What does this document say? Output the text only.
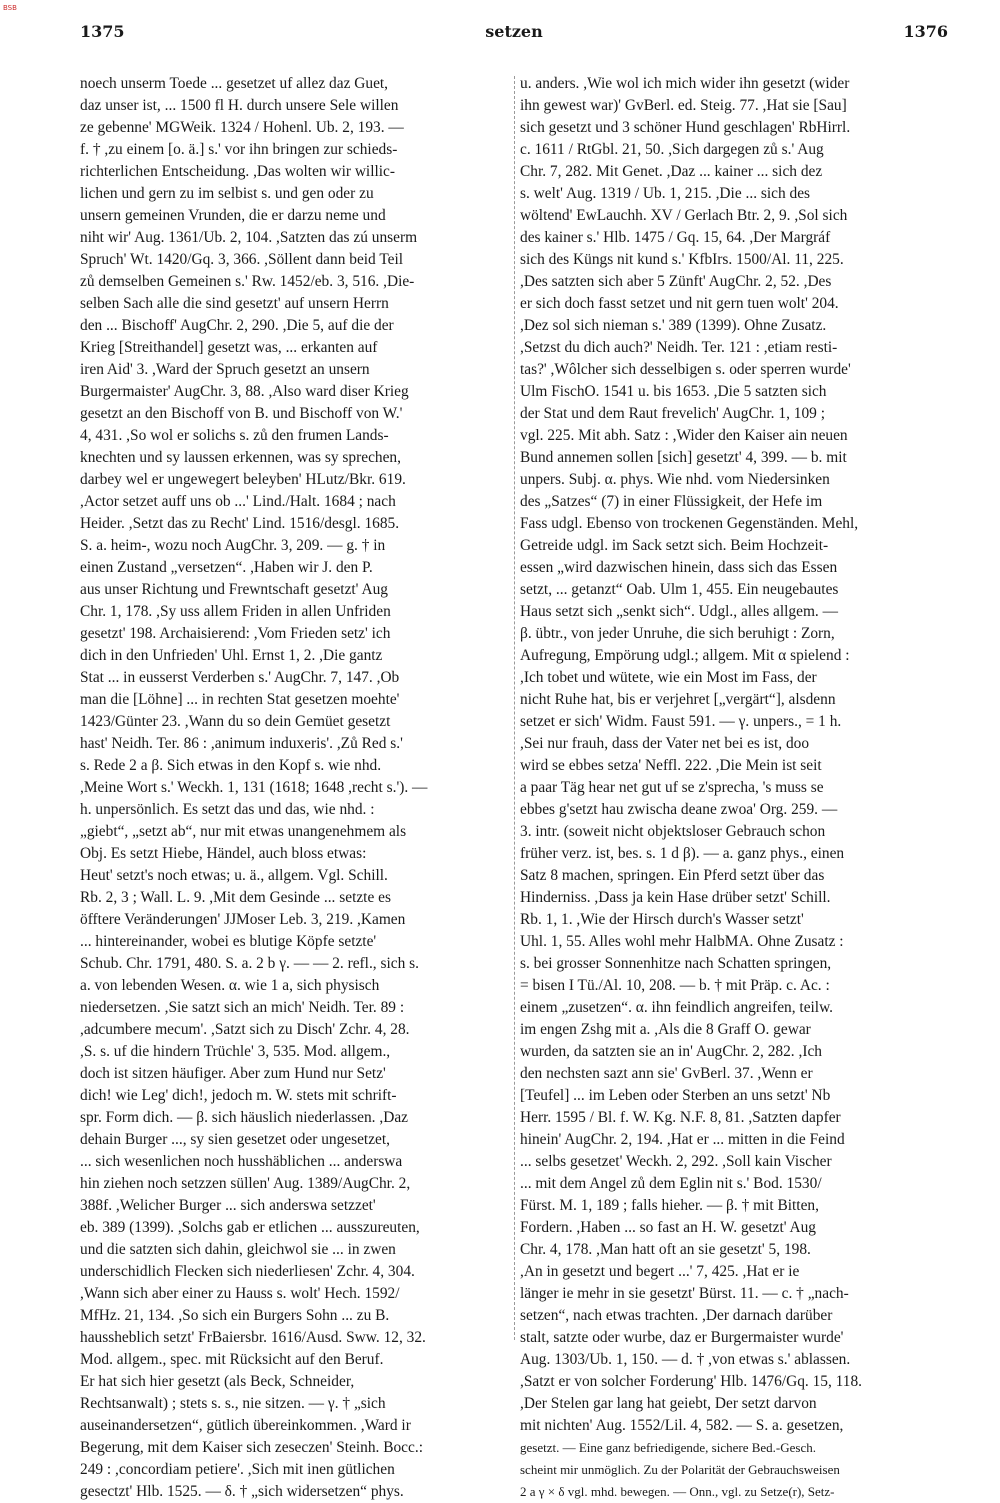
BSB
1375	setzen	1376
noech unserm Toede ... gesetzet uf allez daz Guet,
daz unser ist, ... 1500 fl H. durch unsere Sele willen
ze gebenne' MGWeik. 1324 / Hohenl. Ub. 2, 193. —
f. † ,zu einem [o. ä.] s.' vor ihn bringen zur schieds-
richterlichen Entscheidung. ,Das wolten wir willic-
lichen und gern zu im selbist s. und gen oder zu
unsern gemeinen Vrunden, die er darzu neme und
niht wir' Aug. 1361/Ub. 2, 104. ,Satzten das zú unserm
Spruch' Wt. 1420/Gq. 3, 366. ,Söllent dann beid Teil
zů demselben Gemeinen s.' Rw. 1452/eb. 3, 516. ,Die-
selben Sach alle die sind gesetzt' auf unsern Herrn
den ... Bischoff' AugChr. 2, 290. ,Die 5, auf die der
Krieg [Streithandel] gesetzt was, ... erkanten auf
iren Aid' 3. ,Ward der Spruch gesetzt an unsern
Burgermaister' AugChr. 3, 88. ,Also ward diser Krieg
gesetzt an den Bischoff von B. und Bischoff von W.'
4, 431. ,So wol er solichs s. zů den frumen Lands-
knechten und sy laussen erkennen, was sy sprechen,
darbey wel er ungewegert beleyben' HLutz/Bkr. 619.
,Actor setzet auff uns ob ...' Lind./Halt. 1684 ; nach
Heider. ,Setzt das zu Recht' Lind. 1516/desgl. 1685.
S. a. heim-, wozu noch AugChr. 3, 209. — g. † in
einen Zustand „versetzen“. ,Haben wir J. den P.
aus unser Richtung und Frewntschaft gesetzt' Aug
Chr. 1, 178. ,Sy uss allem Friden in allen Unfriden
gesetzt' 198. Archaisierend: ,Vom Frieden setz' ich
dich in den Unfrieden' Uhl. Ernst 1, 2. ,Die gantz
Stat ... in eusserst Verderben s.' AugChr. 7, 147. ,Ob
man die [Löhne] ... in rechten Stat gesetzen moehte'
1423/Günter 23. ,Wann du so dein Gemüet gesetzt
hast' Neidh. Ter. 86 : ,animum induxeris'. ,Zů Red s.'
s. Rede 2 a β. Sich etwas in den Kopf s. wie nhd.
,Meine Wort s.' Weckh. 1, 131 (1618; 1648 ,recht s.'). —
h. unpersönlich. Es setzt das und das, wie nhd. :
„giebt“, „setzt ab“, nur mit etwas unangenehmem als
Obj. Es setzt Hiebe, Händel, auch bloss etwas:
Heut' setzt's noch etwas; u. ä., allgem. Vgl. Schill.
Rb. 2, 3 ; Wall. L. 9. ,Mit dem Gesinde ... setzte es
öfftere Veränderungen' JJMoser Leb. 3, 219. ,Kamen
... hintereinander, wobei es blutige Köpfe setzte'
Schub. Chr. 1791, 480. S. a. 2 b γ. — — 2. refl., sich s.
a. von lebenden Wesen. α. wie 1 a, sich physisch
niedersetzen. ,Sie satzt sich an mich' Neidh. Ter. 89 :
,adcumbere mecum'. ,Satzt sich zu Disch' Zchr. 4, 28.
,S. s. uf die hindern Trüchle' 3, 535. Mod. allgem.,
doch ist sitzen häufiger. Aber zum Hund nur Setz'
dich! wie Leg' dich!, jedoch m. W. stets mit schrift-
spr. Form dich. — β. sich häuslich niederlassen. ,Daz
dehain Burger ..., sy sien gesetzet oder ungesetzet,
... sich wesenlichen noch husshäblichen ... anderswa
hin ziehen noch setzzen süllen' Aug. 1389/AugChr. 2,
388f. ,Welicher Burger ... sich anderswa setzzet'
eb. 389 (1399). ,Solchs gab er etlichen ... ausszureuten,
und die satzten sich dahin, gleichwol sie ... in zwen
underschidlich Flecken sich niederliesen' Zchr. 4, 304.
,Wann sich aber einer zu Hauss s. wolt' Hech. 1592/
MfHz. 21, 134. ,So sich ein Burgers Sohn ... zu B.
haussheblich setzt' FrBaiersbr. 1616/Ausd. Sww. 12, 32.
Mod. allgem., spec. mit Rücksicht auf den Beruf.
Er hat sich hier gesetzt (als Beck, Schneider,
Rechtsanwalt) ; stets s. s., nie sitzen. — γ. † „sich
auseinandersetzen“, gütlich übereinkommen. ,Ward ir
Begerung, mit dem Kaiser sich zeseczen' Steinh. Bocc.:
249 : ,concordiam petiere'. ,Sich mit inen gütlichen
gesectzt' Hlb. 1525. — δ. † „sich widersetzen“ phys.
u. anders. ,Wie wol ich mich wider ihn gesetzt (wider
ihn gewest war)' GvBerl. ed. Steig. 77. ,Hat sie [Sau]
sich gesetzt und 3 schöner Hund geschlagen' RbHirrl.
c. 1611 / RtGbl. 21, 50. ,Sich dargegen zů s.' Aug
Chr. 7, 282. Mit Genet. ,Daz ... kainer ... sich dez
s. welt' Aug. 1319 / Ub. 1, 215. ,Die ... sich des
wöltend' EwLauchh. XV / Gerlach Btr. 2, 9. ,Sol sich
des kainer s.' Hlb. 1475 / Gq. 15, 64. ,Der Margráf
sich des Küngs nit kund s.' KfbIrs. 1500/Al. 11, 225.
,Des satzten sich aber 5 Zünft' AugChr. 2, 52. ,Des
er sich doch fasst setzet und nit gern tuen wolt' 204.
,Dez sol sich nieman s.' 389 (1399). Ohne Zusatz.
,Setzst du dich auch?' Neidh. Ter. 121 : ,etiam resti-
tas?' ,Wôlcher sich desselbigen s. oder sperren wurde'
Ulm FischO. 1541 u. bis 1653. ,Die 5 satzten sich
der Stat und dem Raut frevelich' AugChr. 1, 109 ;
vgl. 225. Mit abh. Satz : ,Wider den Kaiser ain neuen
Bund annemen sollen [sich] gesetzt' 4, 399. — b. mit
unpers. Subj. α. phys. Wie nhd. vom Niedersinken
des „Satzes“ (7) in einer Flüssigkeit, der Hefe im
Fass udgl. Ebenso von trockenen Gegenständen. Mehl,
Getreide udgl. im Sack setzt sich. Beim Hochzeit-
essen „wird dazwischen hinein, dass sich das Essen
setzt, ... getanzt“ Oab. Ulm 1, 455. Ein neugebautes
Haus setzt sich „senkt sich“. Udgl., alles allgem. —
β. übtr., von jeder Unruhe, die sich beruhigt : Zorn,
Aufregung, Empörung udgl.; allgem. Mit α spielend :
,Ich tobet und wütete, wie ein Most im Fass, der
nicht Ruhe hat, bis er verjehret [„vergärt“], alsdenn
setzet er sich' Widm. Faust 591. — γ. unpers., = 1 h.
,Sei nur frauh, dass der Vater net bei es ist, doo
wird se ebbes setza' Neffl. 222. ,Die Mein ist seit
a paar Täg hear net gut uf se z'sprecha, 's muss se
ebbes g'setzt hau zwischa deane zwoa' Org. 259. —
3. intr. (soweit nicht objektsloser Gebrauch schon
früher verz. ist, bes. s. 1 d β). — a. ganz phys., einen
Satz 8 machen, springen. Ein Pferd setzt über das
Hinderniss. ,Dass ja kein Hase drüber setzt' Schill.
Rb. 1, 1. ,Wie der Hirsch durch's Wasser setzt'
Uhl. 1, 55. Alles wohl mehr HalbMA. Ohne Zusatz :
s. bei grosser Sonnenhitze nach Schatten springen,
= bisen I Tü./Al. 10, 208. — b. † mit Präp. c. Ac. :
einem „zusetzen“. α. ihn feindlich angreifen, teilw.
im engen Zshg mit a. ,Als die 8 Graff O. gewar
wurden, da satzten sie an in' AugChr. 2, 282. ,Ich
den nechsten sazt ann sie' GvBerl. 37. ,Wenn er
[Teufel] ... im Leben oder Sterben an uns setzt' Nb
Herr. 1595 / Bl. f. W. Kg. N.F. 8, 81. ,Satzten dapfer
hinein' AugChr. 2, 194. ,Hat er ... mitten in die Feind
... selbs gesetzet' Weckh. 2, 292. ,Soll kain Vischer
... mit dem Angel zů dem Eglin nit s.' Bod. 1530/
Fürst. M. 1, 189 ; falls hieher. — β. † mit Bitten,
Fordern. ,Haben ... so fast an H. W. gesetzt' Aug
Chr. 4, 178. ,Man hatt oft an sie gesetzt' 5, 198.
,An in gesetzt und begert ...' 7, 425. ,Hat er ie
länger ie mehr in sie gesetzt' Bürst. 11. — c. † „nach-
setzen“, nach etwas trachten. ,Der darnach darüber
stalt, satzte oder wurbe, daz er Burgermaister wurde'
Aug. 1303/Ub. 1, 150. — d. † ,von etwas s.' ablassen.
,Satzt er von solcher Forderung' Hlb. 1476/Gq. 15, 118.
,Der Stelen gar lang hat geiebt, Der setzt darvon
mit nichten' Aug. 1552/Lil. 4, 582. — S. a. gesetzen,
gesetzt. — Eine ganz befriedigende, sichere Bed.-Gesch.
scheint mir unmöglich. Zu der Polarität der Gebrauchsweisen
2 a γ × δ vgl. mhd. bewegen. — Onn., vgl. zu Setze(r), Setz-
